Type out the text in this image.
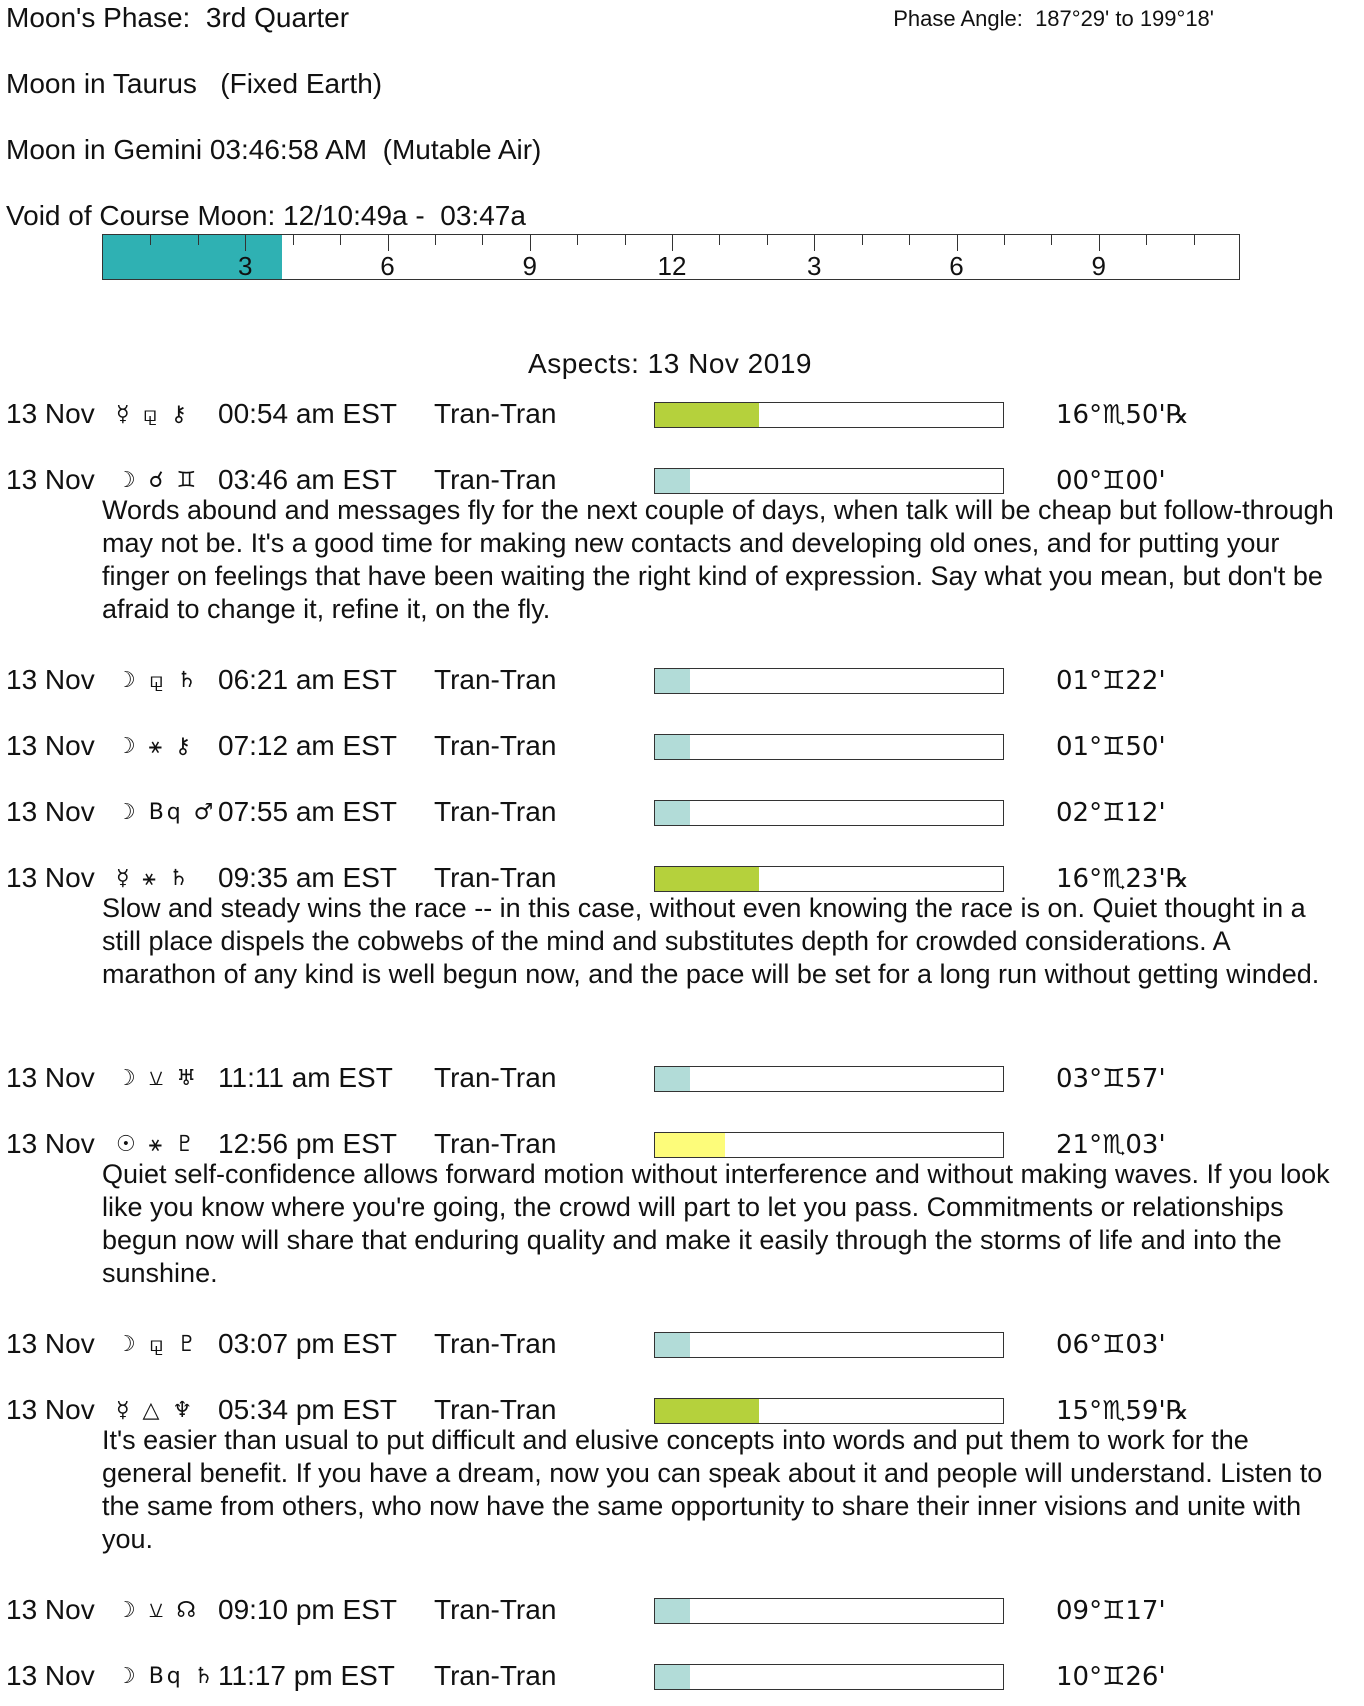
Moon's Phase:  3rd Quarter	Phase Angle:  187°29' to 199°18'
Moon in Taurus   (Fixed Earth)
Moon in Gemini 03:46:58 AM  (Mutable Air)
Void of Course Moon: 12/10:49a -  03:47a
3	6	9	12	3	6	9
Aspects: 13 Nov 2019
13 Nov ☿ ⚼ ⚷ 00:54 am EST Tran-Tran	16°♏50'℞
13 Nov ☽ ☌ ♊ 03:46 am EST Tran-Tran	00°♊00'
Words abound and messages fly for the next couple of days, when talk will be cheap but follow-through may not be. It's a good time for making new contacts and developing old ones, and for putting your finger on feelings that have been waiting the right kind of expression. Say what you mean, but don't be afraid to change it, refine it, on the fly.
13 Nov ☽ ⚼ ♄ 06:21 am EST Tran-Tran	01°♊22'
13 Nov ☽ ⚹ ⚷ 07:12 am EST Tran-Tran	01°♊50'
13 Nov ☽ Bq ♂ 07:55 am EST Tran-Tran	02°♊12'
13 Nov ☿ ⚹ ♄ 09:35 am EST Tran-Tran	16°♏23'℞
Slow and steady wins the race -- in this case, without even knowing the race is on. Quiet thought in a still place dispels the cobwebs of the mind and substitutes depth for crowded considerations. A marathon of any kind is well begun now, and the pace will be set for a long run without getting winded.
13 Nov ☽ ⚺ ♅ 11:11 am EST Tran-Tran	03°♊57'
13 Nov ☉ ⚹ ♇ 12:56 pm EST Tran-Tran	21°♏03'
Quiet self-confidence allows forward motion without interference and without making waves. If you look like you know where you're going, the crowd will part to let you pass. Commitments or relationships begun now will share that enduring quality and make it easily through the storms of life and into the sunshine.
13 Nov ☽ ⚼ ♇ 03:07 pm EST Tran-Tran	06°♊03'
13 Nov ☿ △ ♆ 05:34 pm EST Tran-Tran	15°♏59'℞
It's easier than usual to put difficult and elusive concepts into words and put them to work for the general benefit. If you have a dream, now you can speak about it and people will understand. Listen to the same from others, who now have the same opportunity to share their inner visions and unite with you.
13 Nov ☽ ⚺ ☊ 09:10 pm EST Tran-Tran	09°♊17'
13 Nov ☽ Bq ♄ 11:17 pm EST Tran-Tran	10°♊26'
